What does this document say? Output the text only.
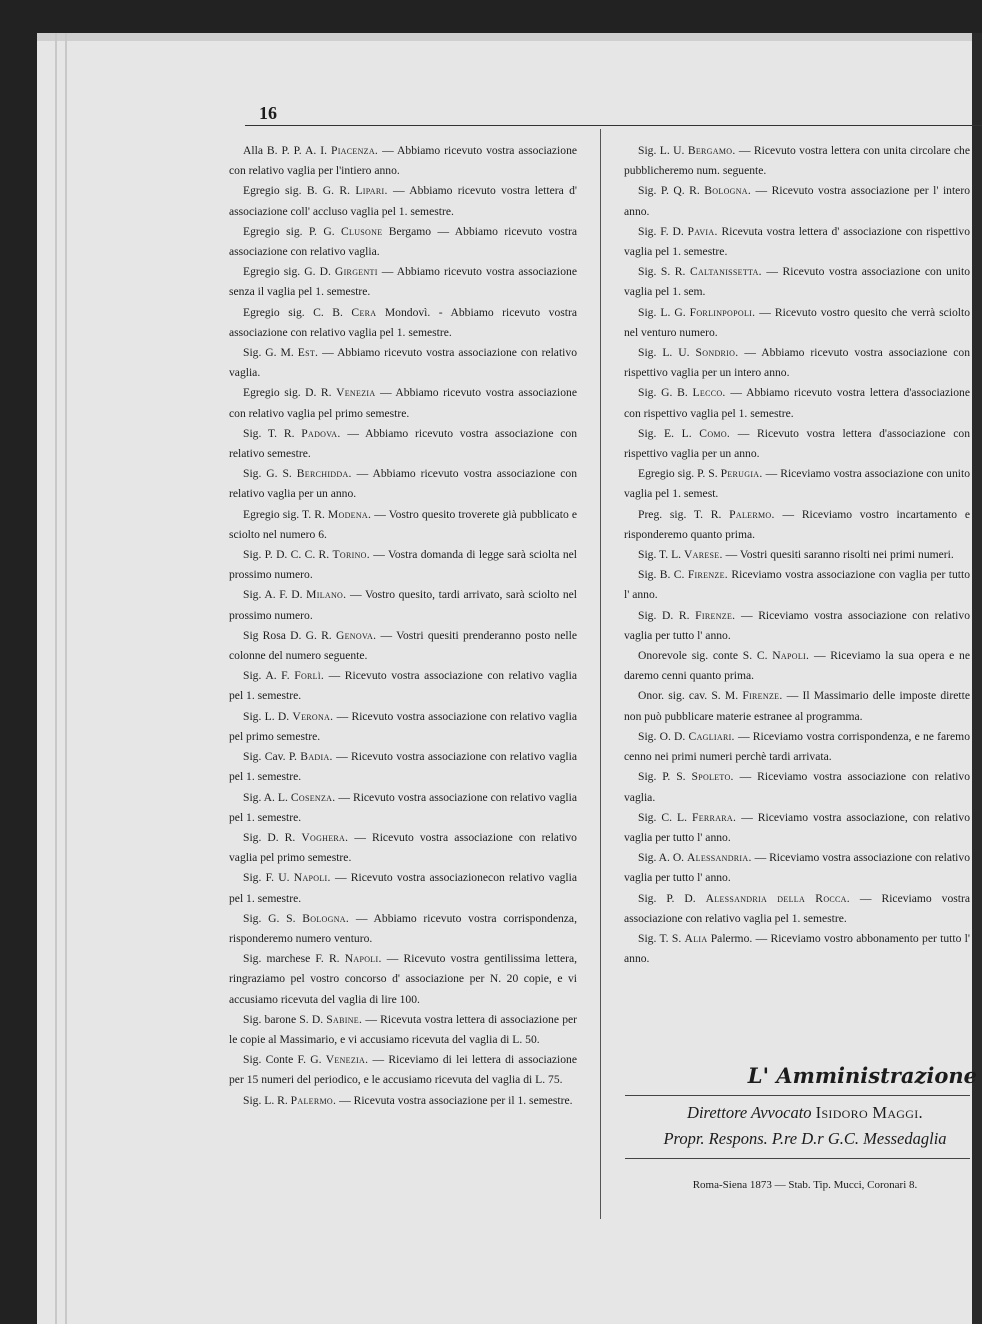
16

Alla B. P. P. A. I. Piacenza. — Abbiamo ricevuto vostra associazione con relativo vaglia per l'intiero anno.

Egregio sig. B. G. R. Lipari. — Abbiamo ricevuto vostra lettera d' associazione coll' accluso vaglia pel 1. semestre.

Egregio sig. P. G. Clusone Bergamo — Abbiamo ricevuto vostra associazione con relativo vaglia.

Egregio sig. G. D. Girgenti — Abbiamo ricevuto vostra associazione senza il vaglia pel 1. semestre.

Egregio sig. C. B. Cera Mondovì. - Abbiamo ricevuto vostra associazione con relativo vaglia pel 1. semestre.

Sig. G. M. Est. — Abbiamo ricevuto vostra associazione con relativo vaglia.

Egregio sig. D. R. Venezia — Abbiamo ricevuto vostra associazione con relativo vaglia pel primo semestre.

Sig. T. R. Padova. — Abbiamo ricevuto vostra associazione con relativo semestre.

Sig. G. S. Berchidda. — Abbiamo ricevuto vostra associazione con relativo vaglia per un anno.

Egregio sig. T. R. Modena. — Vostro quesito troverete già pubblicato e sciolto nel numero 6.

Sig. P. D. C. C. R. Torino. — Vostra domanda di legge sarà sciolta nel prossimo numero.

Sig. A. F. D. Milano. — Vostro quesito, tardi arrivato, sarà sciolto nel prossimo numero.

Sig Rosa D. G. R. Genova. — Vostri quesiti prenderanno posto nelle colonne del numero seguente.

Sig. A. F. Forlì. — Ricevuto vostra associazione con relativo vaglia pel 1. semestre.

Sig. L. D. Verona. — Ricevuto vostra associazione con relativo vaglia pel primo semestre.

Sig. Cav. P. Badia. — Ricevuto vostra associazione con relativo vaglia pel 1. semestre.

Sig. A. L. Cosenza. — Ricevuto vostra associazione con relativo vaglia pel 1. semestre.

Sig. D. R. Voghera. — Ricevuto vostra associazione con relativo vaglia pel primo semestre.

Sig. F. U. Napoli. — Ricevuto vostra associazionecon relativo vaglia pel 1. semestre.

Sig. G. S. Bologna. — Abbiamo ricevuto vostra corrispondenza, risponderemo numero venturo.

Sig. marchese F. R. Napoli. — Ricevuto vostra gentilissima lettera, ringraziamo pel vostro concorso d' associazione per N. 20 copie, e vi accusiamo ricevuta del vaglia di lire 100.

Sig. barone S. D. Sabine. — Ricevuta vostra lettera di associazione per le copie al Massimario, e vi accusiamo ricevuta del vaglia di L. 50.

Sig. Conte F. G. Venezia. — Riceviamo di lei lettera di associazione per 15 numeri del periodico, e le accusiamo ricevuta del vaglia di L. 75.

Sig. L. R. Palermo. — Ricevuta vostra associazione per il 1. semestre.

Sig. L. U. Bergamo. — Ricevuto vostra lettera con unita circolare che pubblicheremo num. seguente.

Sig. P. Q. R. Bologna. — Ricevuto vostra associazione per l' intero anno.

Sig. F. D. Pavia. Ricevuta vostra lettera d' associazione con rispettivo vaglia pel 1. semestre.

Sig. S. R. Caltanissetta. — Ricevuto vostra associazione con unito vaglia pel 1. sem.

Sig. L. G. Forlinpopoli. — Ricevuto vostro quesito che verrà sciolto nel venturo numero.

Sig. L. U. Sondrio. — Abbiamo ricevuto vostra associazione con rispettivo vaglia per un intero anno.

Sig. G. B. Lecco. — Abbiamo ricevuto vostra lettera d'associazione con rispettivo vaglia pel 1. semestre.

Sig. E. L. Como. — Ricevuto vostra lettera d'associazione con rispettivo vaglia per un anno.

Egregio sig. P. S. Perugia. — Riceviamo vostra associazione con unito vaglia pel 1. semest.

Preg. sig. T. R. Palermo. — Riceviamo vostro incartamento e risponderemo quanto prima.

Sig. T. L. Varese. — Vostri quesiti saranno risolti nei primi numeri.

Sig. B. C. Firenze. Riceviamo vostra associazione con vaglia per tutto l' anno.

Sig. D. R. Firenze. — Riceviamo vostra associazione con relativo vaglia per tutto l' anno.

Onorevole sig. conte S. C. Napoli. — Riceviamo la sua opera e ne daremo cenni quanto prima.

Onor. sig. cav. S. M. Firenze. — Il Massimario delle imposte dirette non può pubblicare materie estranee al programma.

Sig. O. D. Cagliari. — Riceviamo vostra corrispondenza, e ne faremo cenno nei primi numeri perchè tardi arrivata.

Sig. P. S. Spoleto. — Riceviamo vostra associazione con relativo vaglia.

Sig. C. L. Ferrara. — Riceviamo vostra associazione, con relativo vaglia per tutto l' anno.

Sig. A. O. Alessandria. — Riceviamo vostra associazione con relativo vaglia per tutto l' anno.

Sig. P. D. Alessandria della Rocca. — Riceviamo vostra associazione con relativo vaglia pel 1. semestre.

Sig. T. S. Alia Palermo. — Riceviamo vostro abbonamento per tutto l' anno.

L' Amministrazione
Direttore Avvocato Isidoro Maggi.
Propr. Respons. P.re D.r G.C. Messedaglia
Roma-Siena 1873 — Stab. Tip. Mucci, Coronari 8.
